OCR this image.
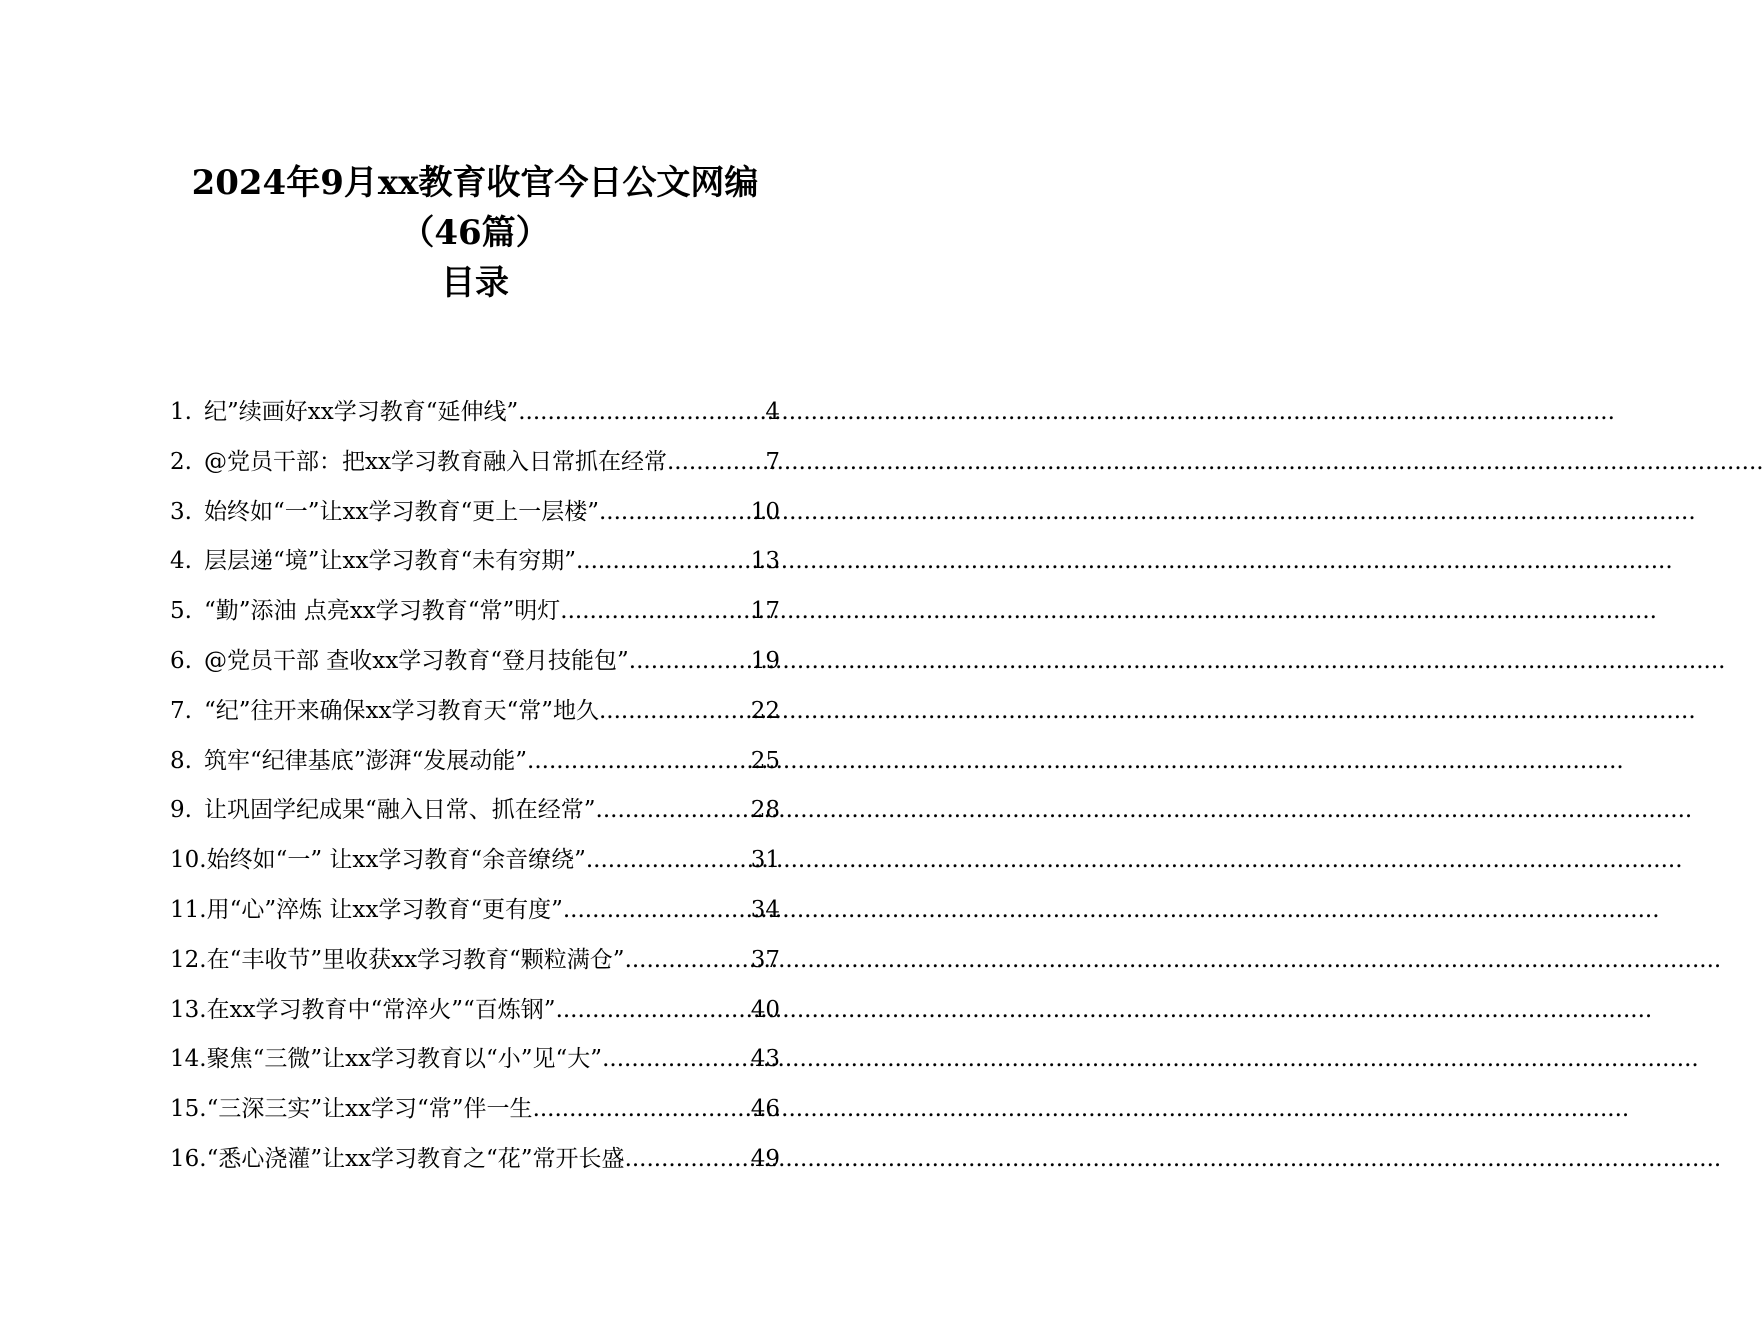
2024年9月xx教育收官今日公文网编
（46篇）
目录
1. 纪”续画好xx学习教育“延伸线” .....	4
2. @党员干部：把xx学习教育融入日常抓在经常 .....	7
3. 始终如“一”让xx学习教育“更上一层楼” .....	10
4. 层层递“境”让xx学习教育“未有穷期” .....	13
5. “勤”添油 点亮xx学习教育“常”明灯 .....	17
6. @党员干部 查收xx学习教育“登月技能包” .....	19
7. “纪”往开来确保xx学习教育天“常”地久 .....	22
8. 筑牢“纪律基底”澎湃“发展动能” .....	25
9. 让巩固学纪成果“融入日常、抓在经常” .....	28
10. 始终如“一” 让xx学习教育“余音缭绕” .....	31
11. 用“心”淬炼 让xx学习教育“更有度” .....	34
12. 在“丰收节”里收获xx学习教育“颗粒满仓” .....	37
13. 在xx学习教育中“常淬火”“百炼钢” .....	40
14. 聚焦“三微”让xx学习教育以“小”见“大” .....	43
15. “三深三实”让xx学习“常”伴一生 .....	46
16. “悉心浇灌”让xx学习教育之“花”常开长盛 .....	49
